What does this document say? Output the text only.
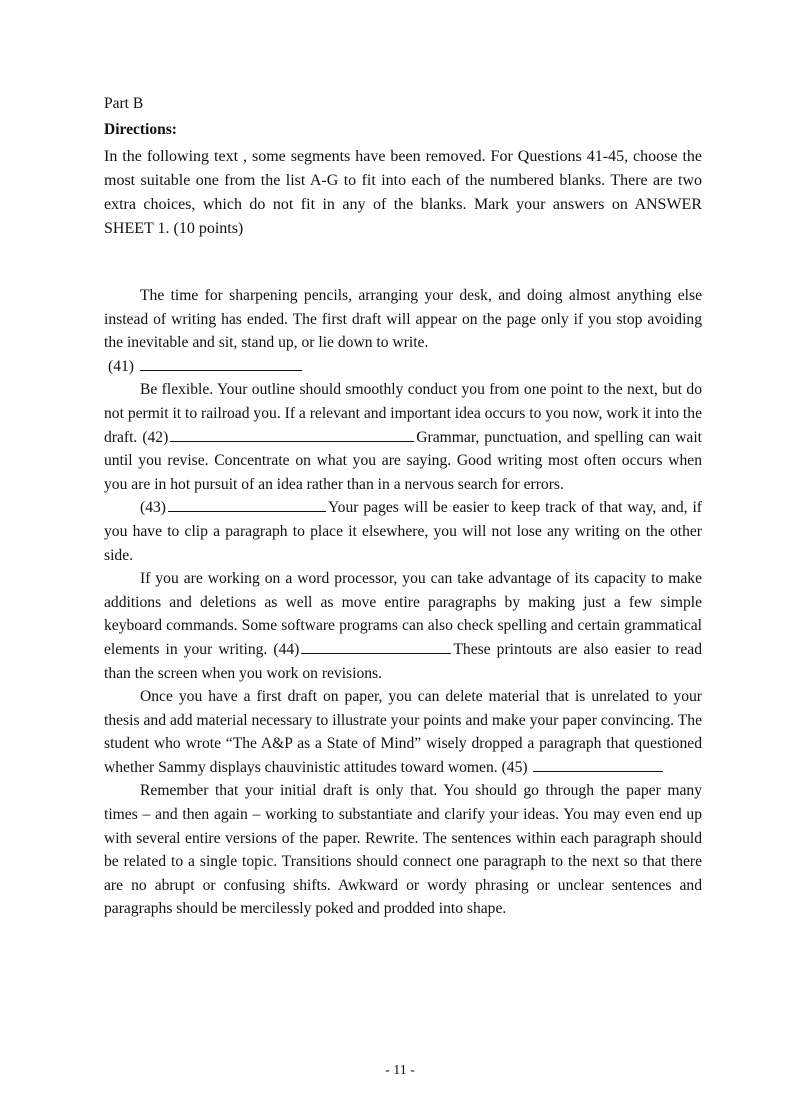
Part B
Directions:
In the following text , some segments have been removed. For Questions 41-45, choose the most suitable one from the list A-G to fit into each of the numbered blanks. There are two extra choices, which do not fit in any of the blanks. Mark your answers on ANSWER SHEET 1. (10 points)

The time for sharpening pencils, arranging your desk, and doing almost anything else instead of writing has ended. The first draft will appear on the page only if you stop avoiding the inevitable and sit, stand up, or lie down to write.

(41)

Be flexible. Your outline should smoothly conduct you from one point to the next, but do not permit it to railroad you. If a relevant and important idea occurs to you now, work it into the draft. (42)	Grammar, punctuation, and spelling can wait until you revise. Concentrate on what you are saying. Good writing most often occurs when you are in hot pursuit of an idea rather than in a nervous search for errors.

(43)	Your pages will be easier to keep track of that way, and, if you have to clip a paragraph to place it elsewhere, you will not lose any writing on the other side.

If you are working on a word processor, you can take advantage of its capacity to make additions and deletions as well as move entire paragraphs by making just a few simple keyboard commands. Some software programs can also check spelling and certain grammatical elements in your writing. (44)	These printouts are also easier to read than the screen when you work on revisions.

Once you have a first draft on paper, you can delete material that is unrelated to your thesis and add material necessary to illustrate your points and make your paper convincing. The student who wrote “The A&P as a State of Mind” wisely dropped a paragraph that questioned whether Sammy displays chauvinistic attitudes toward women. (45)

Remember that your initial draft is only that. You should go through the paper many times – and then again – working to substantiate and clarify your ideas. You may even end up with several entire versions of the paper. Rewrite. The sentences within each paragraph should be related to a single topic. Transitions should connect one paragraph to the next so that there are no abrupt or confusing shifts. Awkward or wordy phrasing or unclear sentences and paragraphs should be mercilessly poked and prodded into shape.

- 11 -
